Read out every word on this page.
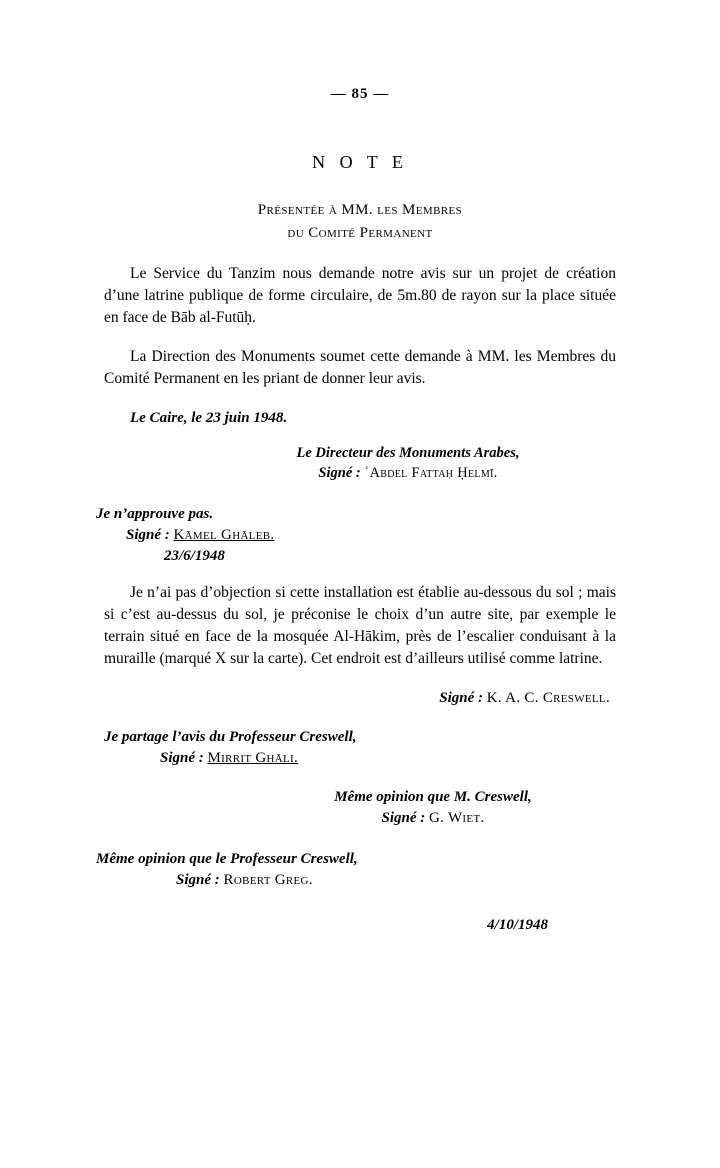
— 85 —
N O T E
Présentée à MM. les Membres
du Comité Permanent

Le Service du Tanzim nous demande notre avis sur un projet de création d’une latrine publique de forme circulaire, de 5m.80 de rayon sur la place située en face de Bāb al-Futūḥ.

La Direction des Monuments soumet cette demande à MM. les Membres du Comité Permanent en les priant de donner leur avis.

Le Caire, le 23 juin 1948.
Le Directeur des Monuments Arabes,
Signé : ʿAbdel Fattaḥ Ḥelmī.
Je n’approuve pas.
Signé : Kāmel Ghāleb.
23/6/1948

Je n’ai pas d’objection si cette installation est établie au-dessous du sol ; mais si c’est au-dessus du sol, je préconise le choix d’un autre site, par exemple le terrain situé en face de la mosquée Al-Hākim, près de l’escalier conduisant à la muraille (marqué X sur la carte). Cet endroit est d’ailleurs utilisé comme latrine.

Signé : K. A. C. Creswell.
Je partage l’avis du Professeur Creswell,
Signé : Mirrit Ghāli.
Même opinion que M. Creswell,
Signé : G. Wiet.
Même opinion que le Professeur Creswell,
Signé : Robert Greg.
4/10/1948
